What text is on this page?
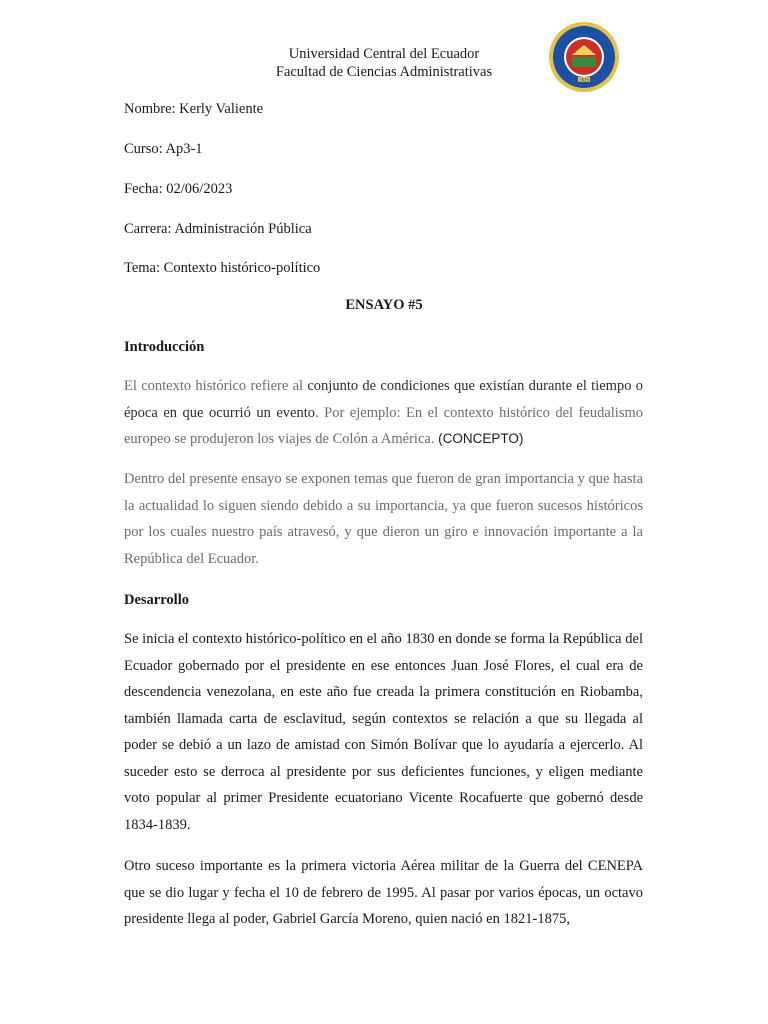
Universidad Central del Ecuador
Facultad de Ciencias Administrativas	1826
Nombre: Kerly Valiente
Curso: Ap3-1
Fecha: 02/06/2023
Carrera: Administración Pública
Tema: Contexto histórico-político
ENSAYO #5
Introducción
El contexto histórico refiere al conjunto de condiciones que existían durante el tiempo o época en que ocurrió un evento. Por ejemplo: En el contexto histórico del feudalismo europeo se produjeron los viajes de Colón a América. (CONCEPTO)
Dentro del presente ensayo se exponen temas que fueron de gran importancia y que hasta la actualidad lo siguen siendo debido a su importancia, ya que fueron sucesos históricos por los cuales nuestro país atravesó, y que dieron un giro e innovación importante a la República del Ecuador.
Desarrollo
Se inicia el contexto histórico-político en el año 1830 en donde se forma la República del Ecuador gobernado por el presidente en ese entonces Juan José Flores, el cual era de descendencia venezolana, en este año fue creada la primera constitución en Riobamba, también llamada carta de esclavitud, según contextos se relación a que su llegada al poder se debió a un lazo de amistad con Simón Bolívar que lo ayudaría a ejercerlo. Al suceder esto se derroca al presidente por sus deficientes funciones, y eligen mediante voto popular al primer Presidente ecuatoriano Vicente Rocafuerte que gobernó desde 1834-1839.
Otro suceso importante es la primera victoria Aérea militar de la Guerra del CENEPA que se dio lugar y fecha el 10 de febrero de 1995. Al pasar por varios épocas, un octavo presidente llega al poder, Gabriel García Moreno, quien nació en 1821-1875,
